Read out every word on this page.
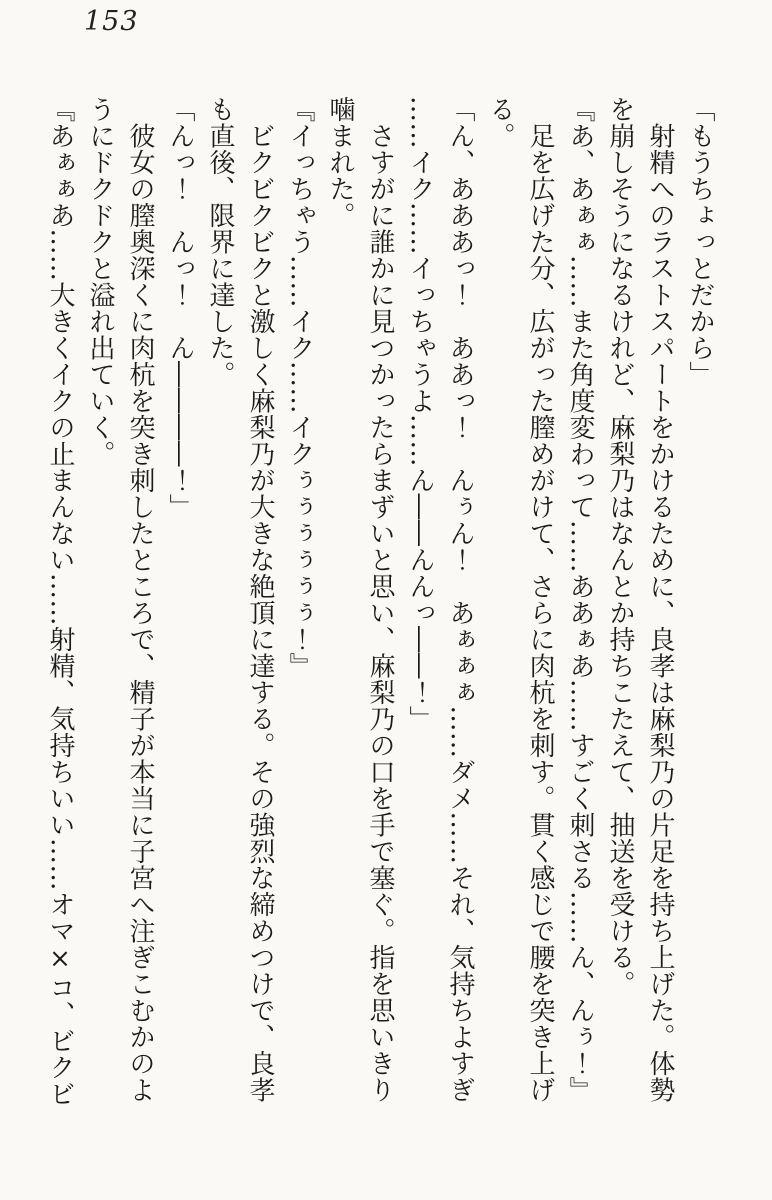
153

「もうちょっとだから」

　射精へのラストスパートをかけるために、良孝は麻梨乃の片足を持ち上げた。体勢

を崩しそうになるけれど、麻梨乃はなんとか持ちこたえて、抽送を受ける。

『あ、あぁぁ……また角度変わって……ああぁあ……すごく刺さる……ん、んぅ！』

　足を広げた分、広がった膣めがけて、さらに肉杭を刺す。貫く感じで腰を突き上げ

る。

「ん、あああっ！　ああっ！　んぅん！　あぁぁぁ……ダメ……それ、気持ちよすぎ

……イク……イっちゃうよ……ん――んんっ――！」

　さすがに誰かに見つかったらまずいと思い、麻梨乃の口を手で塞ぐ。指を思いきり

噛まれた。

『イっちゃう……イク……イクぅぅぅぅぅぅ！』

　ビクビクビクと激しく麻梨乃が大きな絶頂に達する。その強烈な締めつけで、良孝

も直後、限界に達した。

「んっ！　んっ！　ん――――！」

　彼女の膣奥深くに肉杭を突き刺したところで、精子が本当に子宮へ注ぎこむかのよ

うにドクドクと溢れ出ていく。

『あぁぁあ……大きくイクの止まんない……射精、気持ちいい……オマ×コ、ビクビ
